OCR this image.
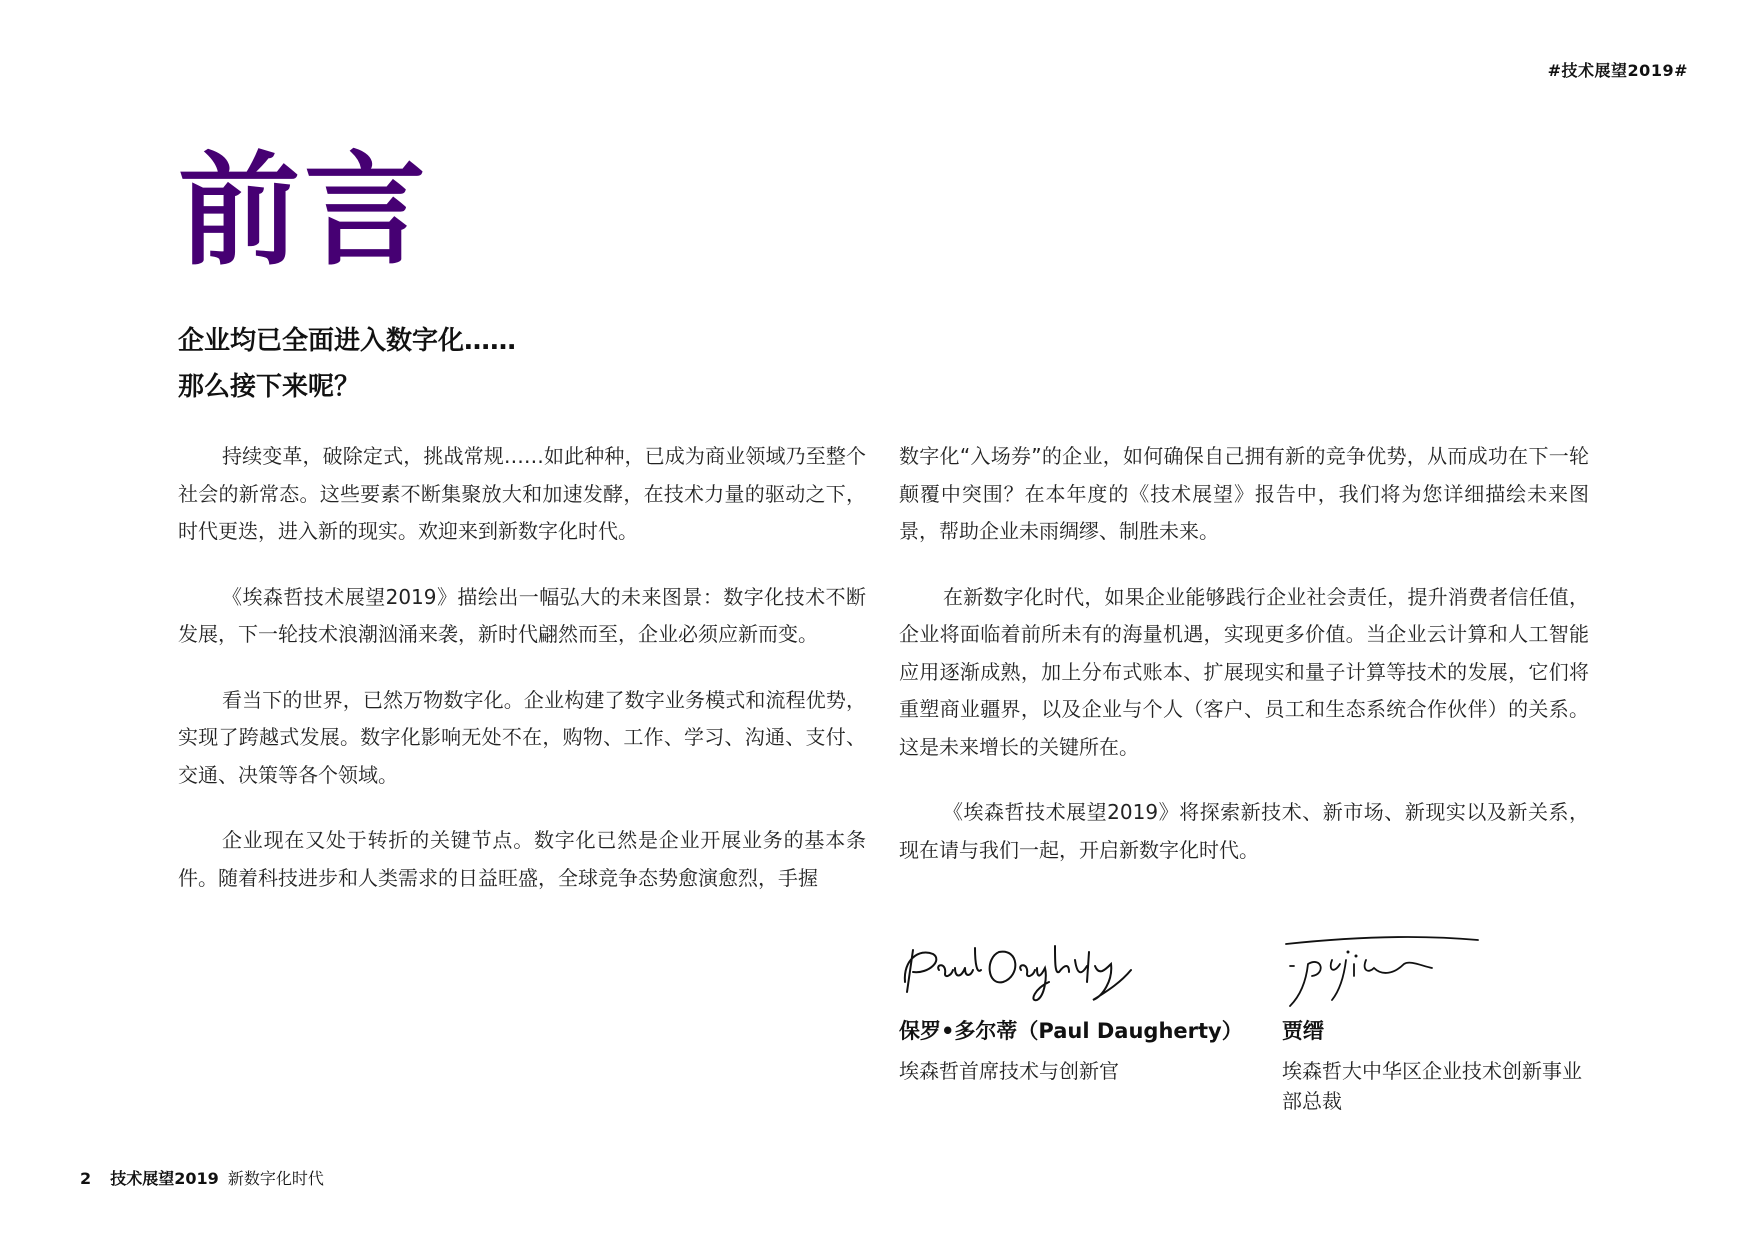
#技术展望2019#
前言
企业均已全面进入数字化……
那么接下来呢？

持续变革，破除定式，挑战常规……如此种种，已成为商业领域乃至整个社会的新常态。这些要素不断集聚放大和加速发酵，在技术力量的驱动之下，时代更迭，进入新的现实。欢迎来到新数字化时代。

《埃森哲技术展望2019》描绘出一幅弘大的未来图景：数字化技术不断发展，下一轮技术浪潮汹涌来袭，新时代翩然而至，企业必须应新而变。

看当下的世界，已然万物数字化。企业构建了数字业务模式和流程优势，实现了跨越式发展。数字化影响无处不在，购物、工作、学习、沟通、支付、交通、决策等各个领域。

企业现在又处于转折的关键节点。数字化已然是企业开展业务的基本条件。随着科技进步和人类需求的日益旺盛，全球竞争态势愈演愈烈，手握

数字化“入场券”的企业，如何确保自己拥有新的竞争优势，从而成功在下一轮颠覆中突围？在本年度的《技术展望》报告中，我们将为您详细描绘未来图景，帮助企业未雨绸缪、制胜未来。

在新数字化时代，如果企业能够践行企业社会责任，提升消费者信任值，企业将面临着前所未有的海量机遇，实现更多价值。当企业云计算和人工智能应用逐渐成熟，加上分布式账本、扩展现实和量子计算等技术的发展，它们将重塑商业疆界，以及企业与个人（客户、员工和生态系统合作伙伴）的关系。这是未来增长的关键所在。

《埃森哲技术展望2019》将探索新技术、新市场、新现实以及新关系，现在请与我们一起，开启新数字化时代。

保罗•多尔蒂（Paul Daugherty）
埃森哲首席技术与创新官
贾缙
埃森哲大中华区企业技术创新事业部总裁
2 技术展望2019 新数字化时代
